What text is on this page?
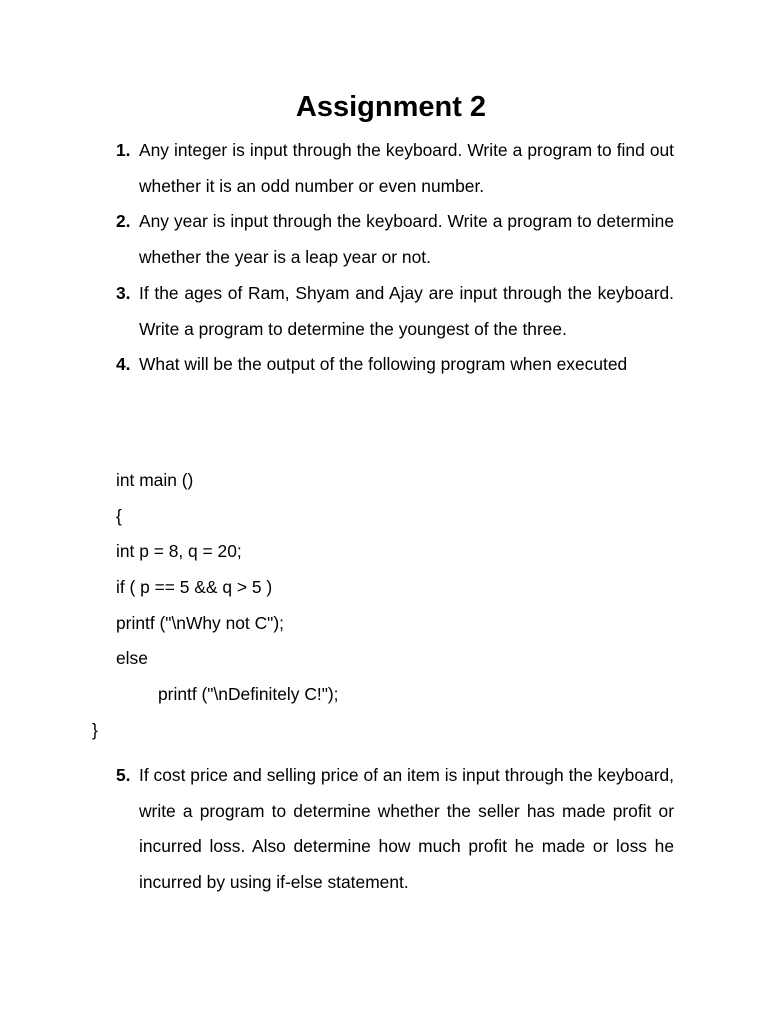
Assignment 2
1. Any integer is input through the keyboard. Write a program to find out whether it is an odd number or even number.
2. Any year is input through the keyboard. Write a program to determine whether the year is a leap year or not.
3. If the ages of Ram, Shyam and Ajay are input through the keyboard. Write a program to determine the youngest of the three.
4. What will be the output of the following program when executed
int main ()
{
int p = 8, q = 20;
if ( p == 5 && q > 5 )
printf ("\nWhy not C");
else
printf ("\nDefinitely C!");
}
5. If cost price and selling price of an item is input through the keyboard, write a program to determine whether the seller has made profit or incurred loss. Also determine how much profit he made or loss he incurred by using if-else statement.
